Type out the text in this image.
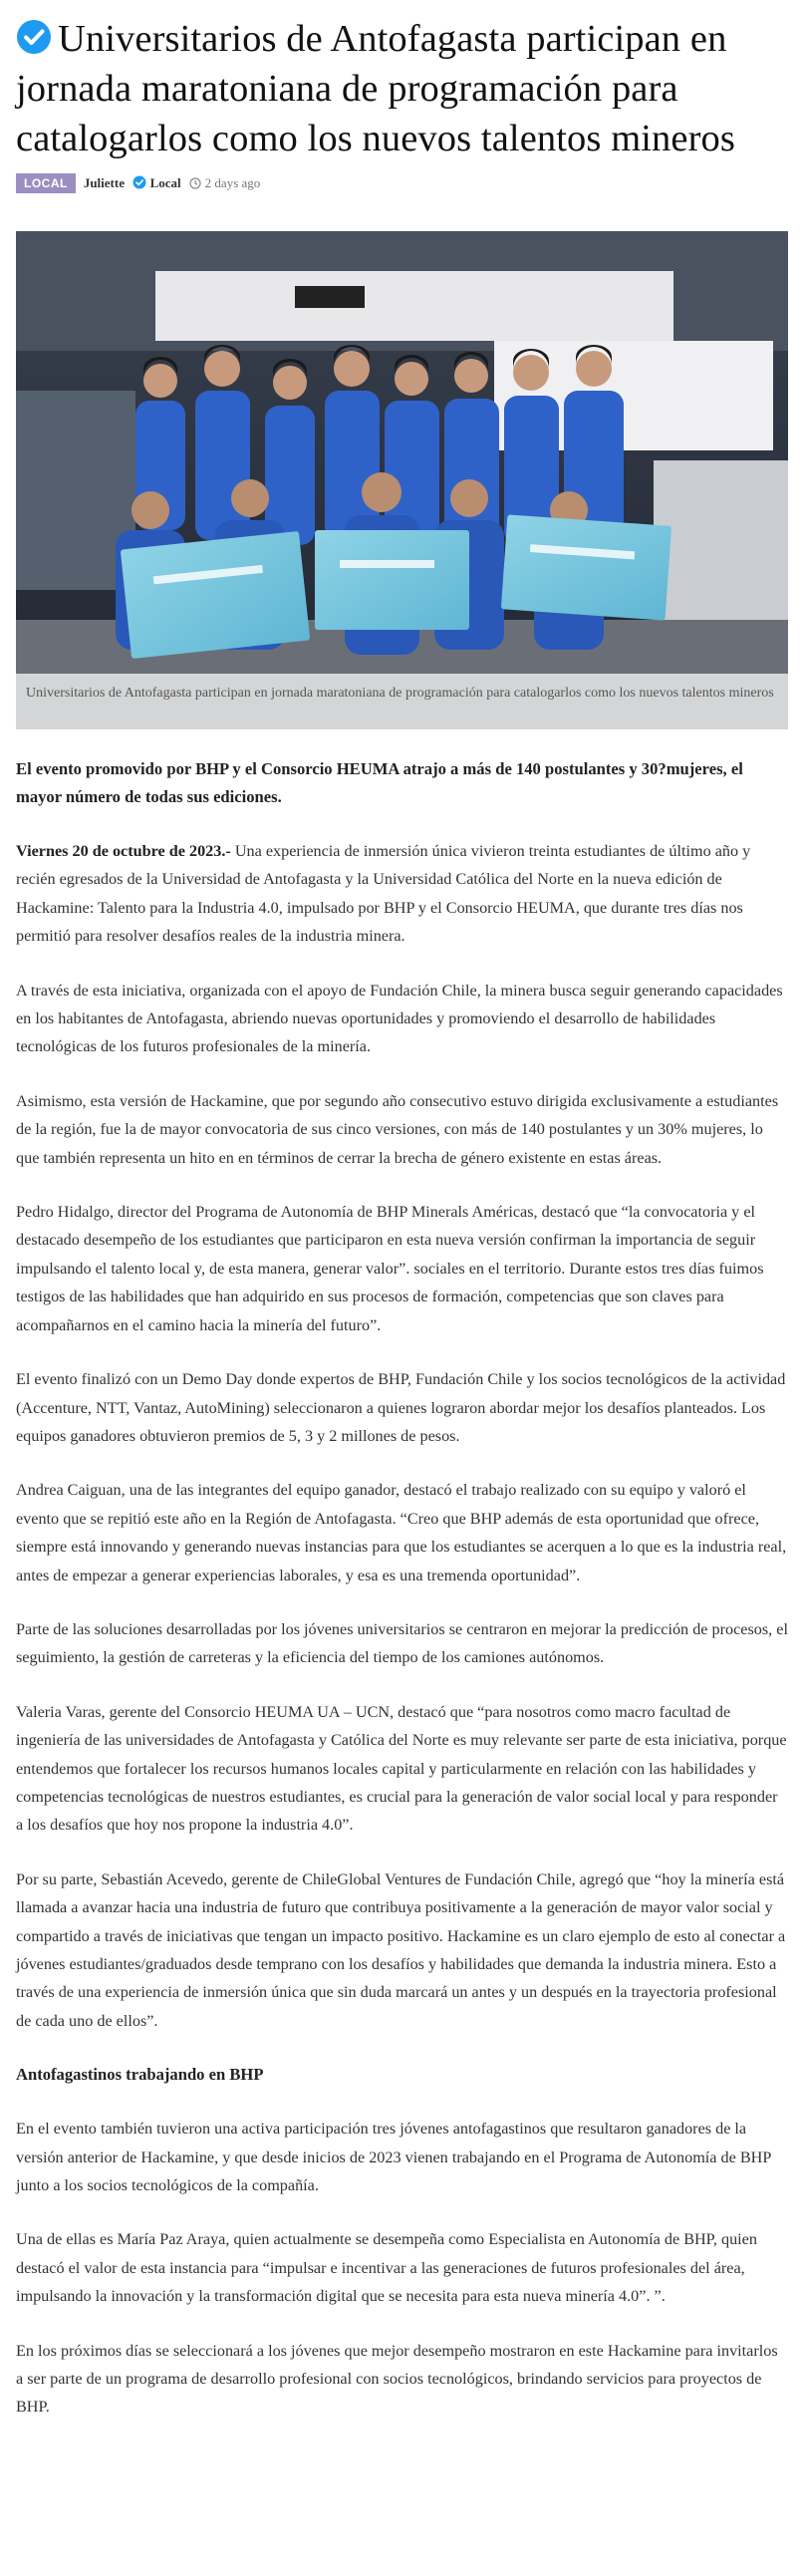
Universitarios de Antofagasta participan en jornada maratoniana de programación para catalogarlos como los nuevos talentos mineros
LOCAL	Juliette	Local 2 days ago
Universitarios de Antofagasta participan en jornada maratoniana de programación para catalogarlos como los nuevos talentos mineros

El evento promovido por BHP y el Consorcio HEUMA atrajo a más de 140 postulantes y 30?mujeres, el mayor número de todas sus ediciones.

Viernes 20 de octubre de 2023.- Una experiencia de inmersión única vivieron treinta estudiantes de último año y recién egresados de la Universidad de Antofagasta y la Universidad Católica del Norte en la nueva edición de Hackamine: Talento para la Industria 4.0, impulsado por BHP y el Consorcio HEUMA, que durante tres días nos permitió para resolver desafíos reales de la industria minera.

A través de esta iniciativa, organizada con el apoyo de Fundación Chile, la minera busca seguir generando capacidades en los habitantes de Antofagasta, abriendo nuevas oportunidades y promoviendo el desarrollo de habilidades tecnológicas de los futuros profesionales de la minería.

Asimismo, esta versión de Hackamine, que por segundo año consecutivo estuvo dirigida exclusivamente a estudiantes de la región, fue la de mayor convocatoria de sus cinco versiones, con más de 140 postulantes y un 30% mujeres, lo que también representa un hito en en términos de cerrar la brecha de género existente en estas áreas.

Pedro Hidalgo, director del Programa de Autonomía de BHP Minerals Américas, destacó que “la convocatoria y el destacado desempeño de los estudiantes que participaron en esta nueva versión confirman la importancia de seguir impulsando el talento local y, de esta manera, generar valor”. sociales en el territorio. Durante estos tres días fuimos testigos de las habilidades que han adquirido en sus procesos de formación, competencias que son claves para acompañarnos en el camino hacia la minería del futuro”.

El evento finalizó con un Demo Day donde expertos de BHP, Fundación Chile y los socios tecnológicos de la actividad (Accenture, NTT, Vantaz, AutoMining) seleccionaron a quienes lograron abordar mejor los desafíos planteados. Los equipos ganadores obtuvieron premios de 5, 3 y 2 millones de pesos.

Andrea Caiguan, una de las integrantes del equipo ganador, destacó el trabajo realizado con su equipo y valoró el evento que se repitió este año en la Región de Antofagasta. “Creo que BHP además de esta oportunidad que ofrece, siempre está innovando y generando nuevas instancias para que los estudiantes se acerquen a lo que es la industria real, antes de empezar a generar experiencias laborales, y esa es una tremenda oportunidad”.

Parte de las soluciones desarrolladas por los jóvenes universitarios se centraron en mejorar la predicción de procesos, el seguimiento, la gestión de carreteras y la eficiencia del tiempo de los camiones autónomos.

Valeria Varas, gerente del Consorcio HEUMA UA – UCN, destacó que “para nosotros como macro facultad de ingeniería de las universidades de Antofagasta y Católica del Norte es muy relevante ser parte de esta iniciativa, porque entendemos que fortalecer los recursos humanos locales capital y particularmente en relación con las habilidades y competencias tecnológicas de nuestros estudiantes, es crucial para la generación de valor social local y para responder a los desafíos que hoy nos propone la industria 4.0”.

Por su parte, Sebastián Acevedo, gerente de ChileGlobal Ventures de Fundación Chile, agregó que “hoy la minería está llamada a avanzar hacia una industria de futuro que contribuya positivamente a la generación de mayor valor social y compartido a través de iniciativas que tengan un impacto positivo. Hackamine es un claro ejemplo de esto al conectar a jóvenes estudiantes/graduados desde temprano con los desafíos y habilidades que demanda la industria minera. Esto a través de una experiencia de inmersión única que sin duda marcará un antes y un después en la trayectoria profesional de cada uno de ellos”.

Antofagastinos trabajando en BHP

En el evento también tuvieron una activa participación tres jóvenes antofagastinos que resultaron ganadores de la versión anterior de Hackamine, y que desde inicios de 2023 vienen trabajando en el Programa de Autonomía de BHP junto a los socios tecnológicos de la compañía.

Una de ellas es María Paz Araya, quien actualmente se desempeña como Especialista en Autonomía de BHP, quien destacó el valor de esta instancia para “impulsar e incentivar a las generaciones de futuros profesionales del área, impulsando la innovación y la transformación digital que se necesita para esta nueva minería 4.0”. ”.

En los próximos días se seleccionará a los jóvenes que mejor desempeño mostraron en este Hackamine para invitarlos a ser parte de un programa de desarrollo profesional con socios tecnológicos, brindando servicios para proyectos de BHP.
